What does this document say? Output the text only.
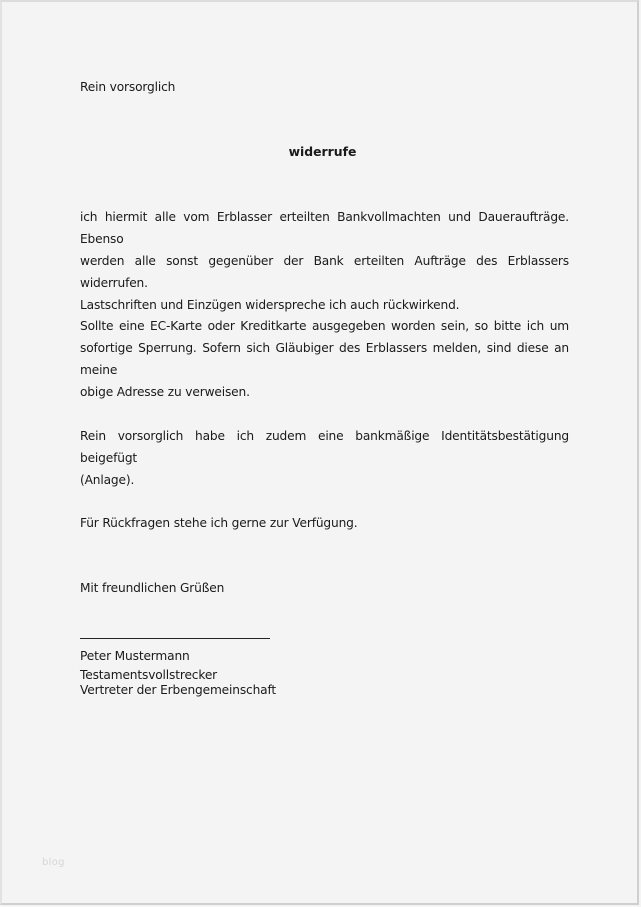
Rein vorsorglich
widerrufe
ich hiermit alle vom Erblasser erteilten Bankvollmachten und Daueraufträge. Ebenso
werden alle sonst gegenüber der Bank erteilten Aufträge des Erblassers widerrufen.
Lastschriften und Einzügen widerspreche ich auch rückwirkend.
Sollte eine EC-Karte oder Kreditkarte ausgegeben worden sein, so bitte ich um
sofortige Sperrung. Sofern sich Gläubiger des Erblassers melden, sind diese an meine
obige Adresse zu verweisen.
Rein vorsorglich habe ich zudem eine bankmäßige Identitätsbestätigung beigefügt
(Anlage).
Für Rückfragen stehe ich gerne zur Verfügung.
Mit freundlichen Grüßen
Peter Mustermann
Testamentsvollstrecker
Vertreter der Erbengemeinschaft
blog
